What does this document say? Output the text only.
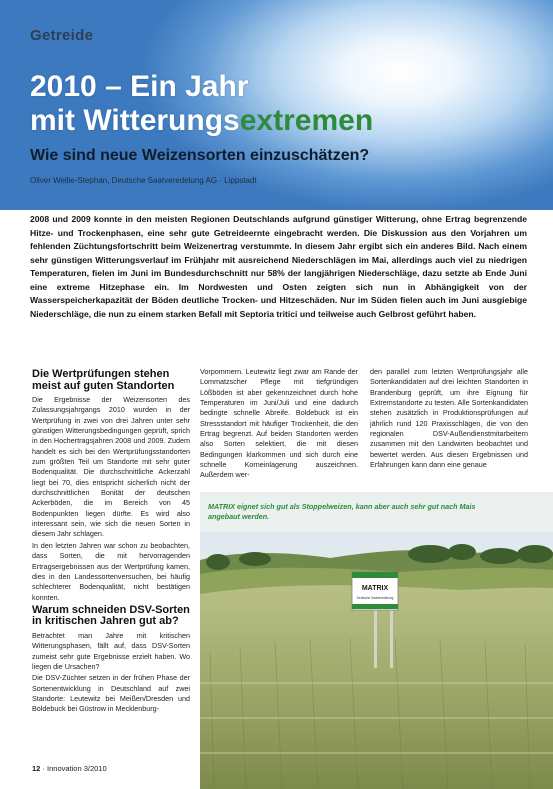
Getreide
2010 – Ein Jahr
mit Witterungsextremen
Wie sind neue Weizensorten einzuschätzen?
Oliver Wellie-Stephan, Deutsche Saatveredelung AG · Lippstadt

2008 und 2009 konnte in den meisten Regionen Deutschlands aufgrund günstiger Witterung, ohne Ertrag begrenzende Hitze- und Trockenphasen, eine sehr gute Getreideernte eingebracht werden. Die Diskussion aus den Vorjahren um fehlenden Züchtungsfortschritt beim Weizenertrag verstummte. In diesem Jahr ergibt sich ein anderes Bild. Nach einem sehr günstigen Witterungsverlauf im Frühjahr mit ausreichend Niederschlägen im Mai, allerdings auch viel zu niedrigen Temperaturen, fielen im Juni im Bundesdurchschnitt nur 58% der langjährigen Niederschläge, dazu setzte ab Ende Juni eine extreme Hitzephase ein. Im Nordwesten und Osten zeigten sich nun in Abhängigkeit von der Wasserspeicherkapazität der Böden deutliche Trocken- und Hitzeschäden. Nur im Süden fielen auch im Juni ausgiebige Niederschläge, die nun zu einem starken Befall mit Septoria tritici und teilweise auch Gelbrost geführt haben.

Die Wertprüfungen stehen meist auf guten Standorten

Die Ergebnisse der Weizensorten des Zulassungsjahrgangs 2010 wurden in der Wertprüfung in zwei von drei Jahren unter sehr günstigen Witterungsbedingungen geprüft, sprich in den Hochertragsjahren 2008 und 2009. Zudem handelt es sich bei den Wertprüfungsstandorten zum größten Teil um Standorte mit sehr guter Bodenqualität. Die durchschnittliche Ackerzahl liegt bei 70, dies entspricht sicherlich nicht der durchschnittlichen Bonität der deutschen Ackerböden, die im Bereich von 45 Bodenpunkten liegen dürfte. Es wird also interessant sein, wie sich die neuen Sorten in diesem Jahr schlagen.

In den letzten Jahren war schon zu beobachten, dass Sorten, die mit hervorragenden Ertragsergebnissen aus der Wertprüfung kamen, dies in den Landessortenversuchen, bei häufig schlechterer Bodenqualität, nicht bestätigen konnten.

Warum schneiden DSV-Sorten in kritischen Jahren gut ab?

Betrachtet man Jahre mit kritischen Witterungsphasen, fällt auf, dass DSV-Sorten zumeist sehr gute Ergebnisse erzielt haben. Wo liegen die Ursachen?

Die DSV-Züchter setzen in der frühen Phase der Sortenentwicklung in Deutschland auf zwei Standorte: Leutewitz bei Meißen/Dresden und Boldebuck bei Güstrow in Mecklenburg-

Vorpommern. Leutewitz liegt zwar am Rande der Lommatzscher Pflege mit tiefgründigen Lößböden ist aber gekennzeichnet durch hohe Temperaturen im Juni/Juli und eine dadurch bedingte schnelle Abreife. Boldebuck ist ein Stressstandort mit häufiger Trockenheit, die den Ertrag begrenzt. Auf beiden Standorten werden also Sorten selektiert, die mit diesen Bedingungen klarkommen und sich durch eine schnelle Korneinlagerung auszeichnen. Außerdem wer-

den parallel zum letzten Wertprüfungsjahr alle Sortenkandidaten auf drei leichten Standorten in Brandenburg geprüft, um ihre Eignung für Extremstandorte zu testen. Alle Sortenkandidaten stehen zusätzlich in Produktionsprüfungen auf jährlich rund 120 Praxisschlägen, die von den regionalen DSV-Außendienstmitarbeitern zusammen mit den Landwirten beobachtet und bewertet werden. Aus diesen Ergebnissen und Erfahrungen kann dann eine genaue

MATRIX eignet sich gut als Stoppelweizen, kann aber auch sehr gut nach Mais angebaut werden.
MATRIX
Deutsche Saatveredelung
12 · Innovation 3/2010
